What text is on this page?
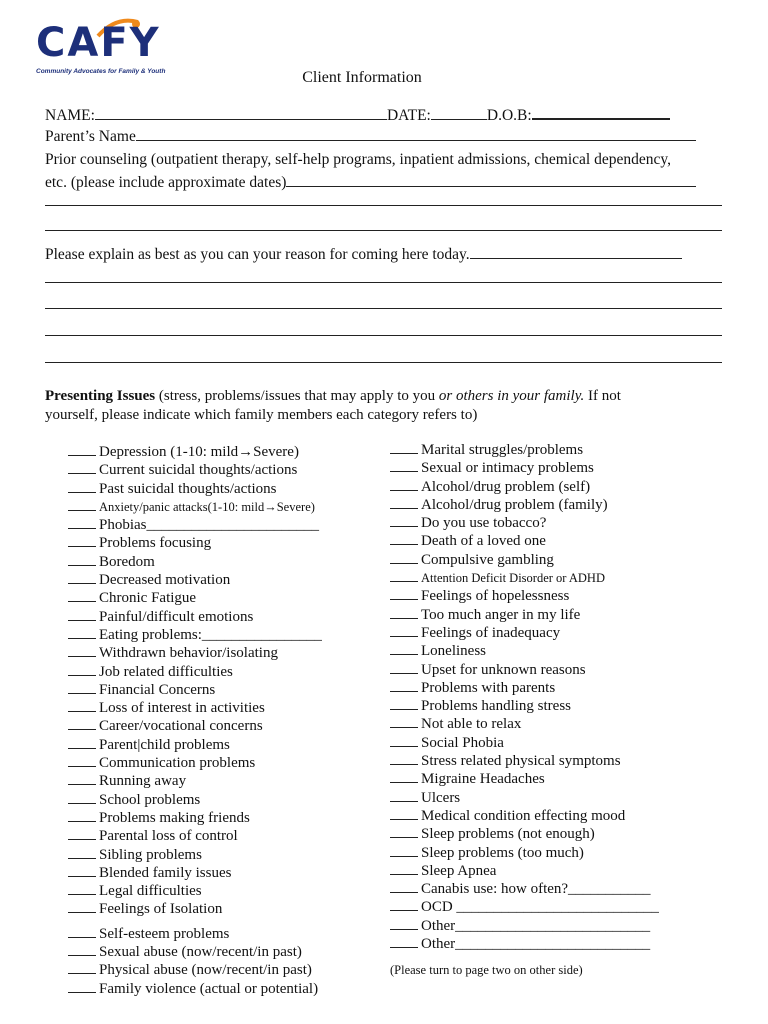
CAFY
Community Advocates for Family & Youth	Client Information
NAME:	DATE:	D.O.B:
Parent’s Name
Prior counseling (outpatient therapy, self-help programs, inpatient admissions, chemical dependency,
etc. (please include approximate dates)
Please explain as best as you can your reason for coming here today.
Presenting Issues (stress, problems/issues that may apply to you or others in your family. If not
yourself, please indicate which family members each category refers to)
Depression (1-10: mild→Severe)
Current suicidal thoughts/actions
Past suicidal thoughts/actions
Anxiety/panic attacks(1-10: mild→Severe)
Phobias_______________________
Problems focusing
Boredom
Decreased motivation
Chronic Fatigue
Painful/difficult emotions
Eating problems:________________
Withdrawn behavior/isolating
Job related difficulties
Financial Concerns
Loss of interest in activities
Career/vocational concerns
Parent|child problems
Communication problems
Running away
School problems
Problems making friends
Parental loss of control
Sibling problems
Blended family issues
Legal difficulties
Feelings of Isolation
Self-esteem problems
Sexual abuse (now/recent/in past)
Physical abuse (now/recent/in past)
Family violence (actual or potential)
Marital struggles/problems
Sexual or intimacy problems
Alcohol/drug problem (self)
Alcohol/drug problem (family)
Do you use tobacco?
Death of a loved one
Compulsive gambling
Attention Deficit Disorder or ADHD
Feelings of hopelessness
Too much anger in my life
Feelings of inadequacy
Loneliness
Upset for unknown reasons
Problems with parents
Problems handling stress
Not able to relax
Social Phobia
Stress related physical symptoms
Migraine Headaches
Ulcers
Medical condition effecting mood
Sleep problems (not enough)
Sleep problems (too much)
Sleep Apnea
Canabis use: how often?___________
OCD ___________________________
Other__________________________
Other__________________________
(Please turn to page two on other side)
